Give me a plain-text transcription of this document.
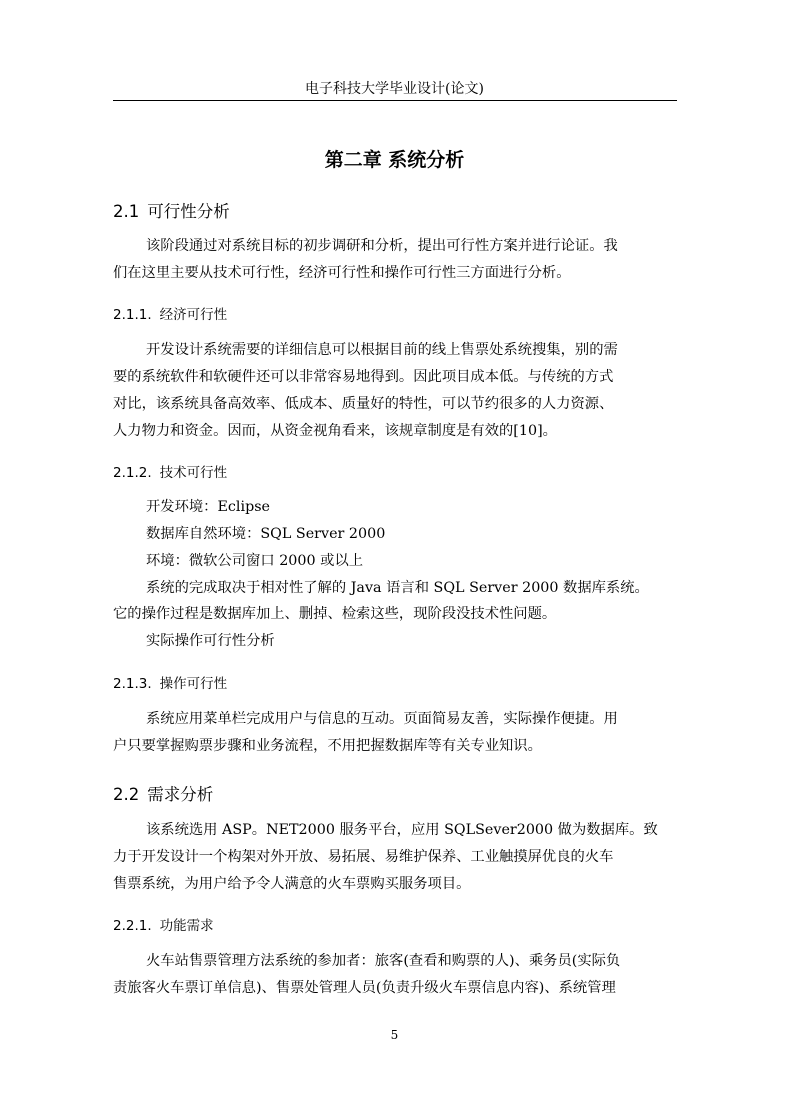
电子科技大学毕业设计(论文)
第二章 系统分析
2.1 可行性分析
该阶段通过对系统目标的初步调研和分析，提出可行性方案并进行论证。我
们在这里主要从技术可行性，经济可行性和操作可行性三方面进行分析。
2.1.1. 经济可行性
开发设计系统需要的详细信息可以根据目前的线上售票处系统搜集，别的需
要的系统软件和软硬件还可以非常容易地得到。因此项目成本低。与传统的方式
对比，该系统具备高效率、低成本、质量好的特性，可以节约很多的人力资源、
人力物力和资金。因而，从资金视角看来，该规章制度是有效的[10]。
2.1.2. 技术可行性
开发环境：Eclipse
数据库自然环境：SQL Server 2000
环境：微软公司窗口 2000 或以上
系统的完成取决于相对性了解的 Java 语言和 SQL Server 2000 数据库系统。
它的操作过程是数据库加上、删掉、检索这些，现阶段没技术性问题。
实际操作可行性分析
2.1.3. 操作可行性
系统应用菜单栏完成用户与信息的互动。页面简易友善，实际操作便捷。用
户只要掌握购票步骤和业务流程，不用把握数据库等有关专业知识。
2.2 需求分析
该系统选用 ASP。NET2000 服务平台，应用 SQLSever2000 做为数据库。致
力于开发设计一个构架对外开放、易拓展、易维护保养、工业触摸屏优良的火车
售票系统，为用户给予令人满意的火车票购买服务项目。
2.2.1. 功能需求
火车站售票管理方法系统的参加者：旅客(查看和购票的人)、乘务员(实际负
责旅客火车票订单信息)、售票处管理人员(负责升级火车票信息内容)、系统管理
5
